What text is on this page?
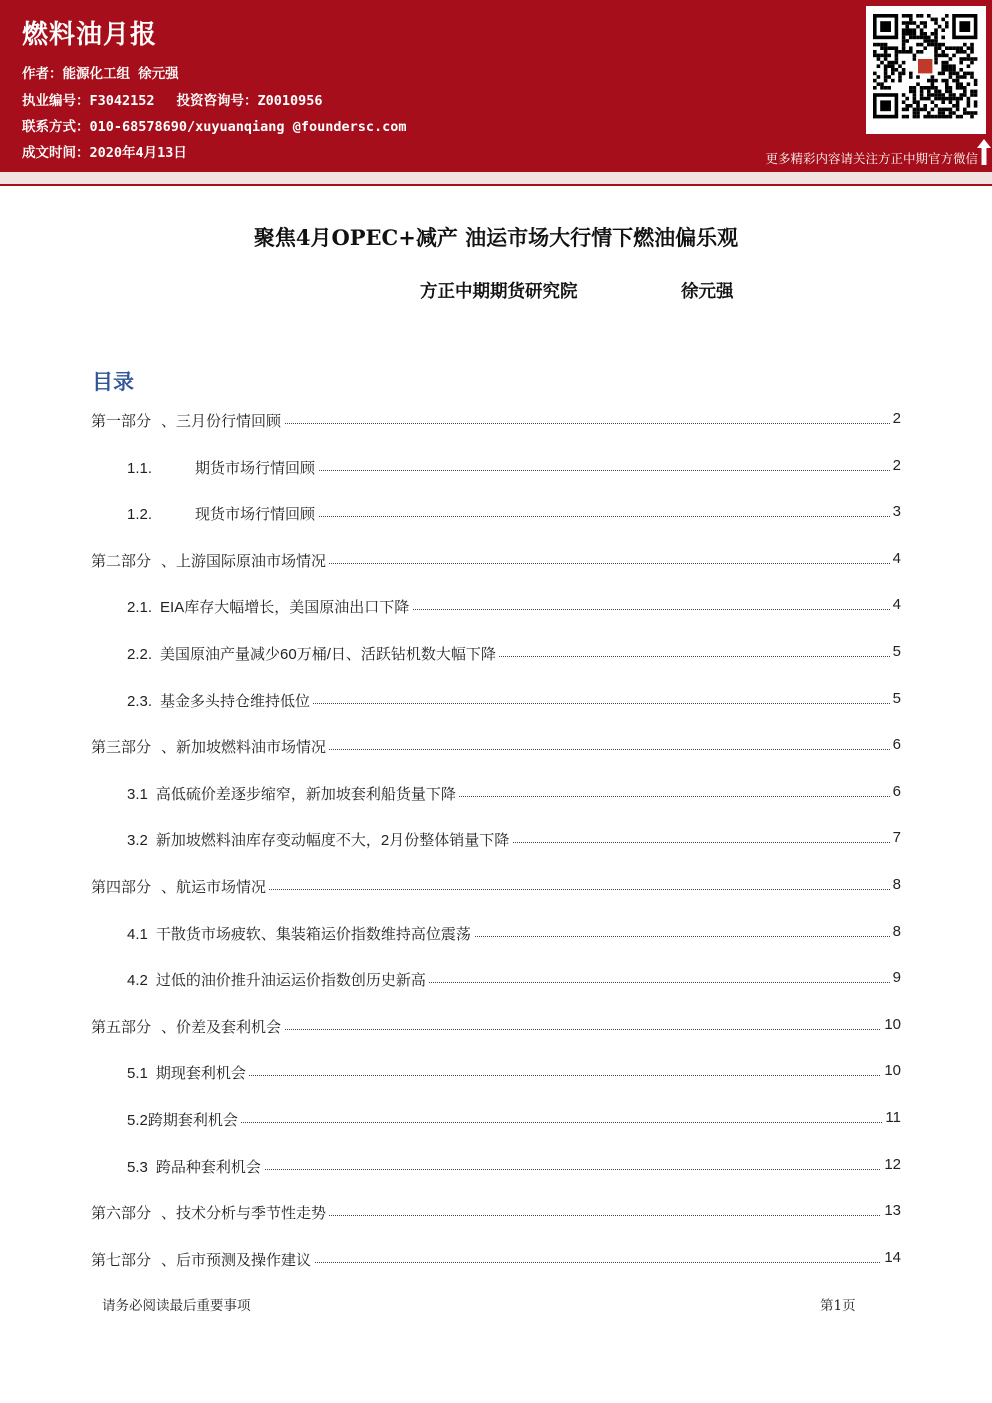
燃料油月报
作者：能源化工组 徐元强
执业编号：F3042152 投资咨询号：Z0010956
联系方式：010-68578690/xuyuanqiang @foundersc.com
成文时间：2020年4月13日	更多精彩内容请关注方正中期官方微信
聚焦4月OPEC+减产 油运市场大行情下燃油偏乐观
方正中期期货研究院	徐元强
目录
第一部分 、三月份行情回顾	2
1.1.	期货市场行情回顾	2
1.2.	现货市场行情回顾	3
第二部分 、上游国际原油市场情况	4
2.1. EIA库存大幅增长，美国原油出口下降	4
2.2. 美国原油产量减少60万桶/日、活跃钻机数大幅下降	5
2.3. 基金多头持仓维持低位	5
第三部分 、新加坡燃料油市场情况	6
3.1 高低硫价差逐步缩窄，新加坡套利船货量下降	6
3.2 新加坡燃料油库存变动幅度不大，2月份整体销量下降	7
第四部分 、航运市场情况	8
4.1 干散货市场疲软、集装箱运价指数维持高位震荡	8
4.2 过低的油价推升油运运价指数创历史新高	9
第五部分 、价差及套利机会	10
5.1 期现套利机会	10
5.2跨期套利机会	11
5.3 跨品种套利机会	12
第六部分 、技术分析与季节性走势	13
第七部分 、后市预测及操作建议	14
请务必阅读最后重要事项	第1页
